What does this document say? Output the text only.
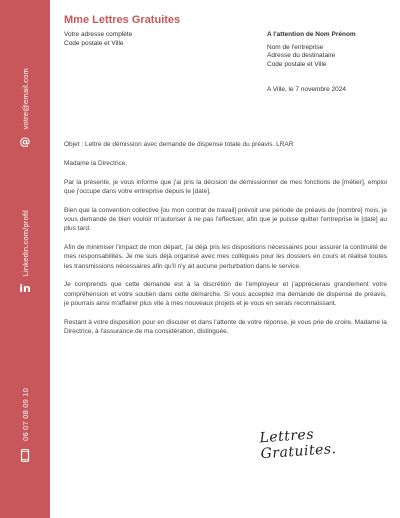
votre@email.com
@
Linkedin.com/profil
in
06 07 08 09 10
Mme Lettres Gratuites
Votre adresse complète
Code postale et Ville
A l'attention de Nom Prénom
Nom de l'entreprise
Adresse du destinataire
Code postale et Ville
A Ville, le 7 novembre 2024

Objet : Lettre de démission avec demande de dispense totale du préavis. LRAR

Madame la Directrice,

Par la présente, je vous informe que j'ai pris la décision de démissionner de mes fonctions de [métier], emploi que j'occupe dans votre entreprise depuis le [date].

Bien que la convention collective [ou mon contrat de travail] prévoit une période de préavis de [nombre] mois, je vous demande de bien vouloir m'autoriser à ne pas l'effectuer, afin que je puisse quitter l'entreprise le [date] au plus tard.

Afin de minimiser l'impact de mon départ, j'ai déjà pris les dispositions nécessaires pour assurer la continuité de mes responsabilités. Je me suis déjà organisé avec mes collègues pour les dossiers en cours et réalisé toutes les transmissions nécessaires afin qu'il n'y ait aucune perturbation dans le service.

Je comprends que cette demande est à la discrétion de l'employeur et j'apprécierais grandement votre compréhension et votre soutien dans cette démarche. Si vous acceptez ma demande de dispense de préavis, je pourrais ainsi m'affairer plus vite à mes nouveaux projets et je vous en serais reconnaissant.

Restant à votre disposition pour en discuter et dans l'attente de votre réponse, je vous prie de croire, Madame la Directrice, à l'assurance de ma considération, distinguée.

Lettres Gratuites.
